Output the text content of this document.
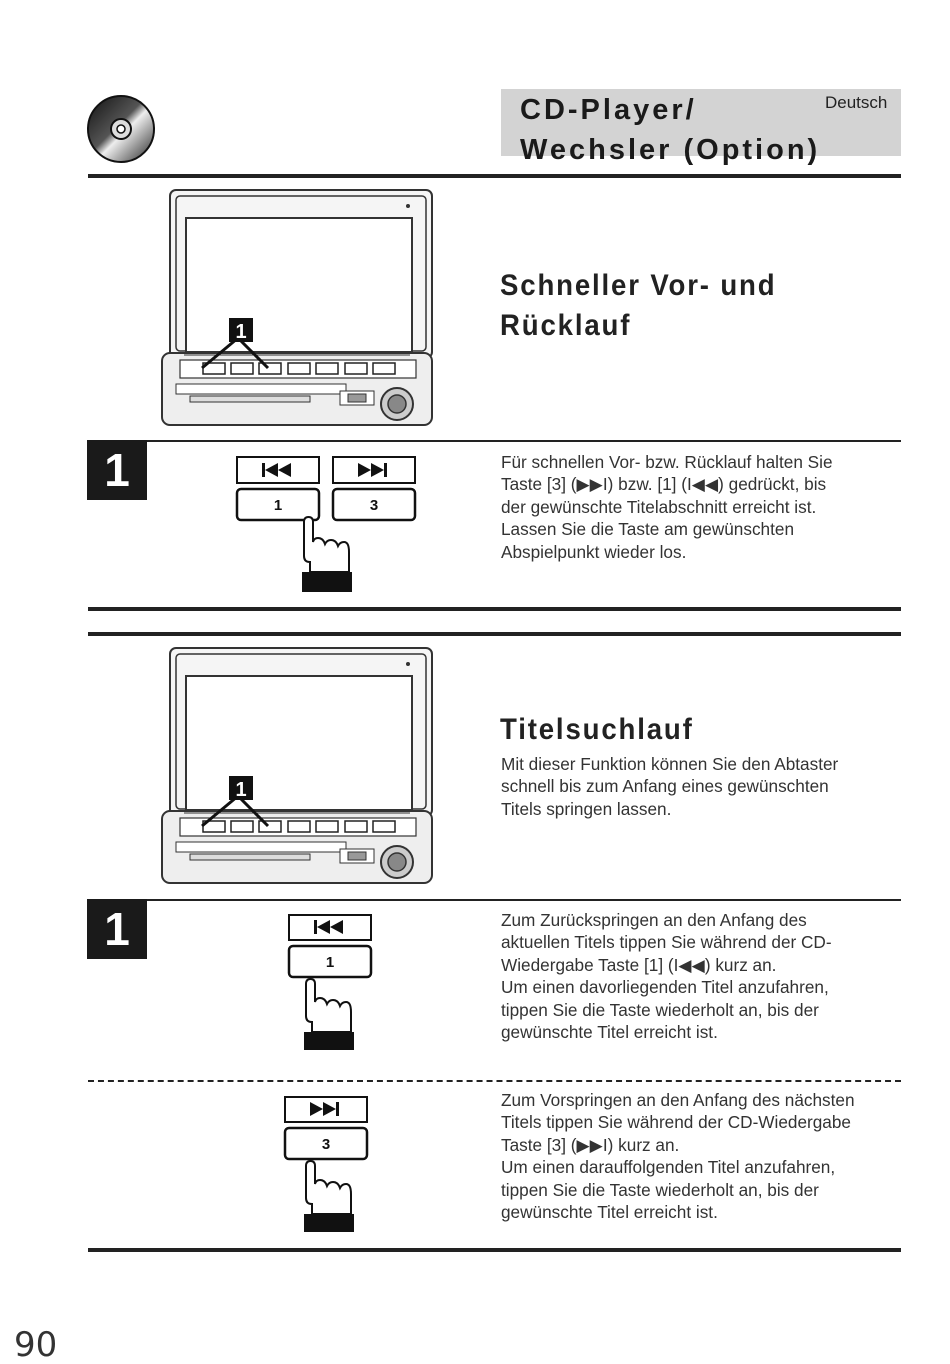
CD-Player/
Wechsler (Option)
Deutsch
1
Schneller Vor- und
Rücklauf
1
1	3
Für schnellen Vor- bzw. Rücklauf halten Sie
Taste [3] (▶▶I) bzw. [1] (I◀◀) gedrückt, bis
der gewünschte Titelabschnitt erreicht ist.
Lassen Sie die Taste am gewünschten
Abspielpunkt wieder los.
1
Titelsuchlauf
Mit dieser Funktion können Sie den Abtaster
schnell bis zum Anfang eines gewünschten
Titels springen lassen.
1
1
Zum Zurückspringen an den Anfang des
aktuellen Titels tippen Sie während der CD-
Wiedergabe Taste [1] (I◀◀) kurz an.
Um einen davorliegenden Titel anzufahren,
tippen Sie die Taste wiederholt an, bis der
gewünschte Titel erreicht ist.
3
Zum Vorspringen an den Anfang des nächsten
Titels tippen Sie während der CD-Wiedergabe
Taste [3] (▶▶I) kurz an.
Um einen darauffolgenden Titel anzufahren,
tippen Sie die Taste wiederholt an, bis der
gewünschte Titel erreicht ist.
90
